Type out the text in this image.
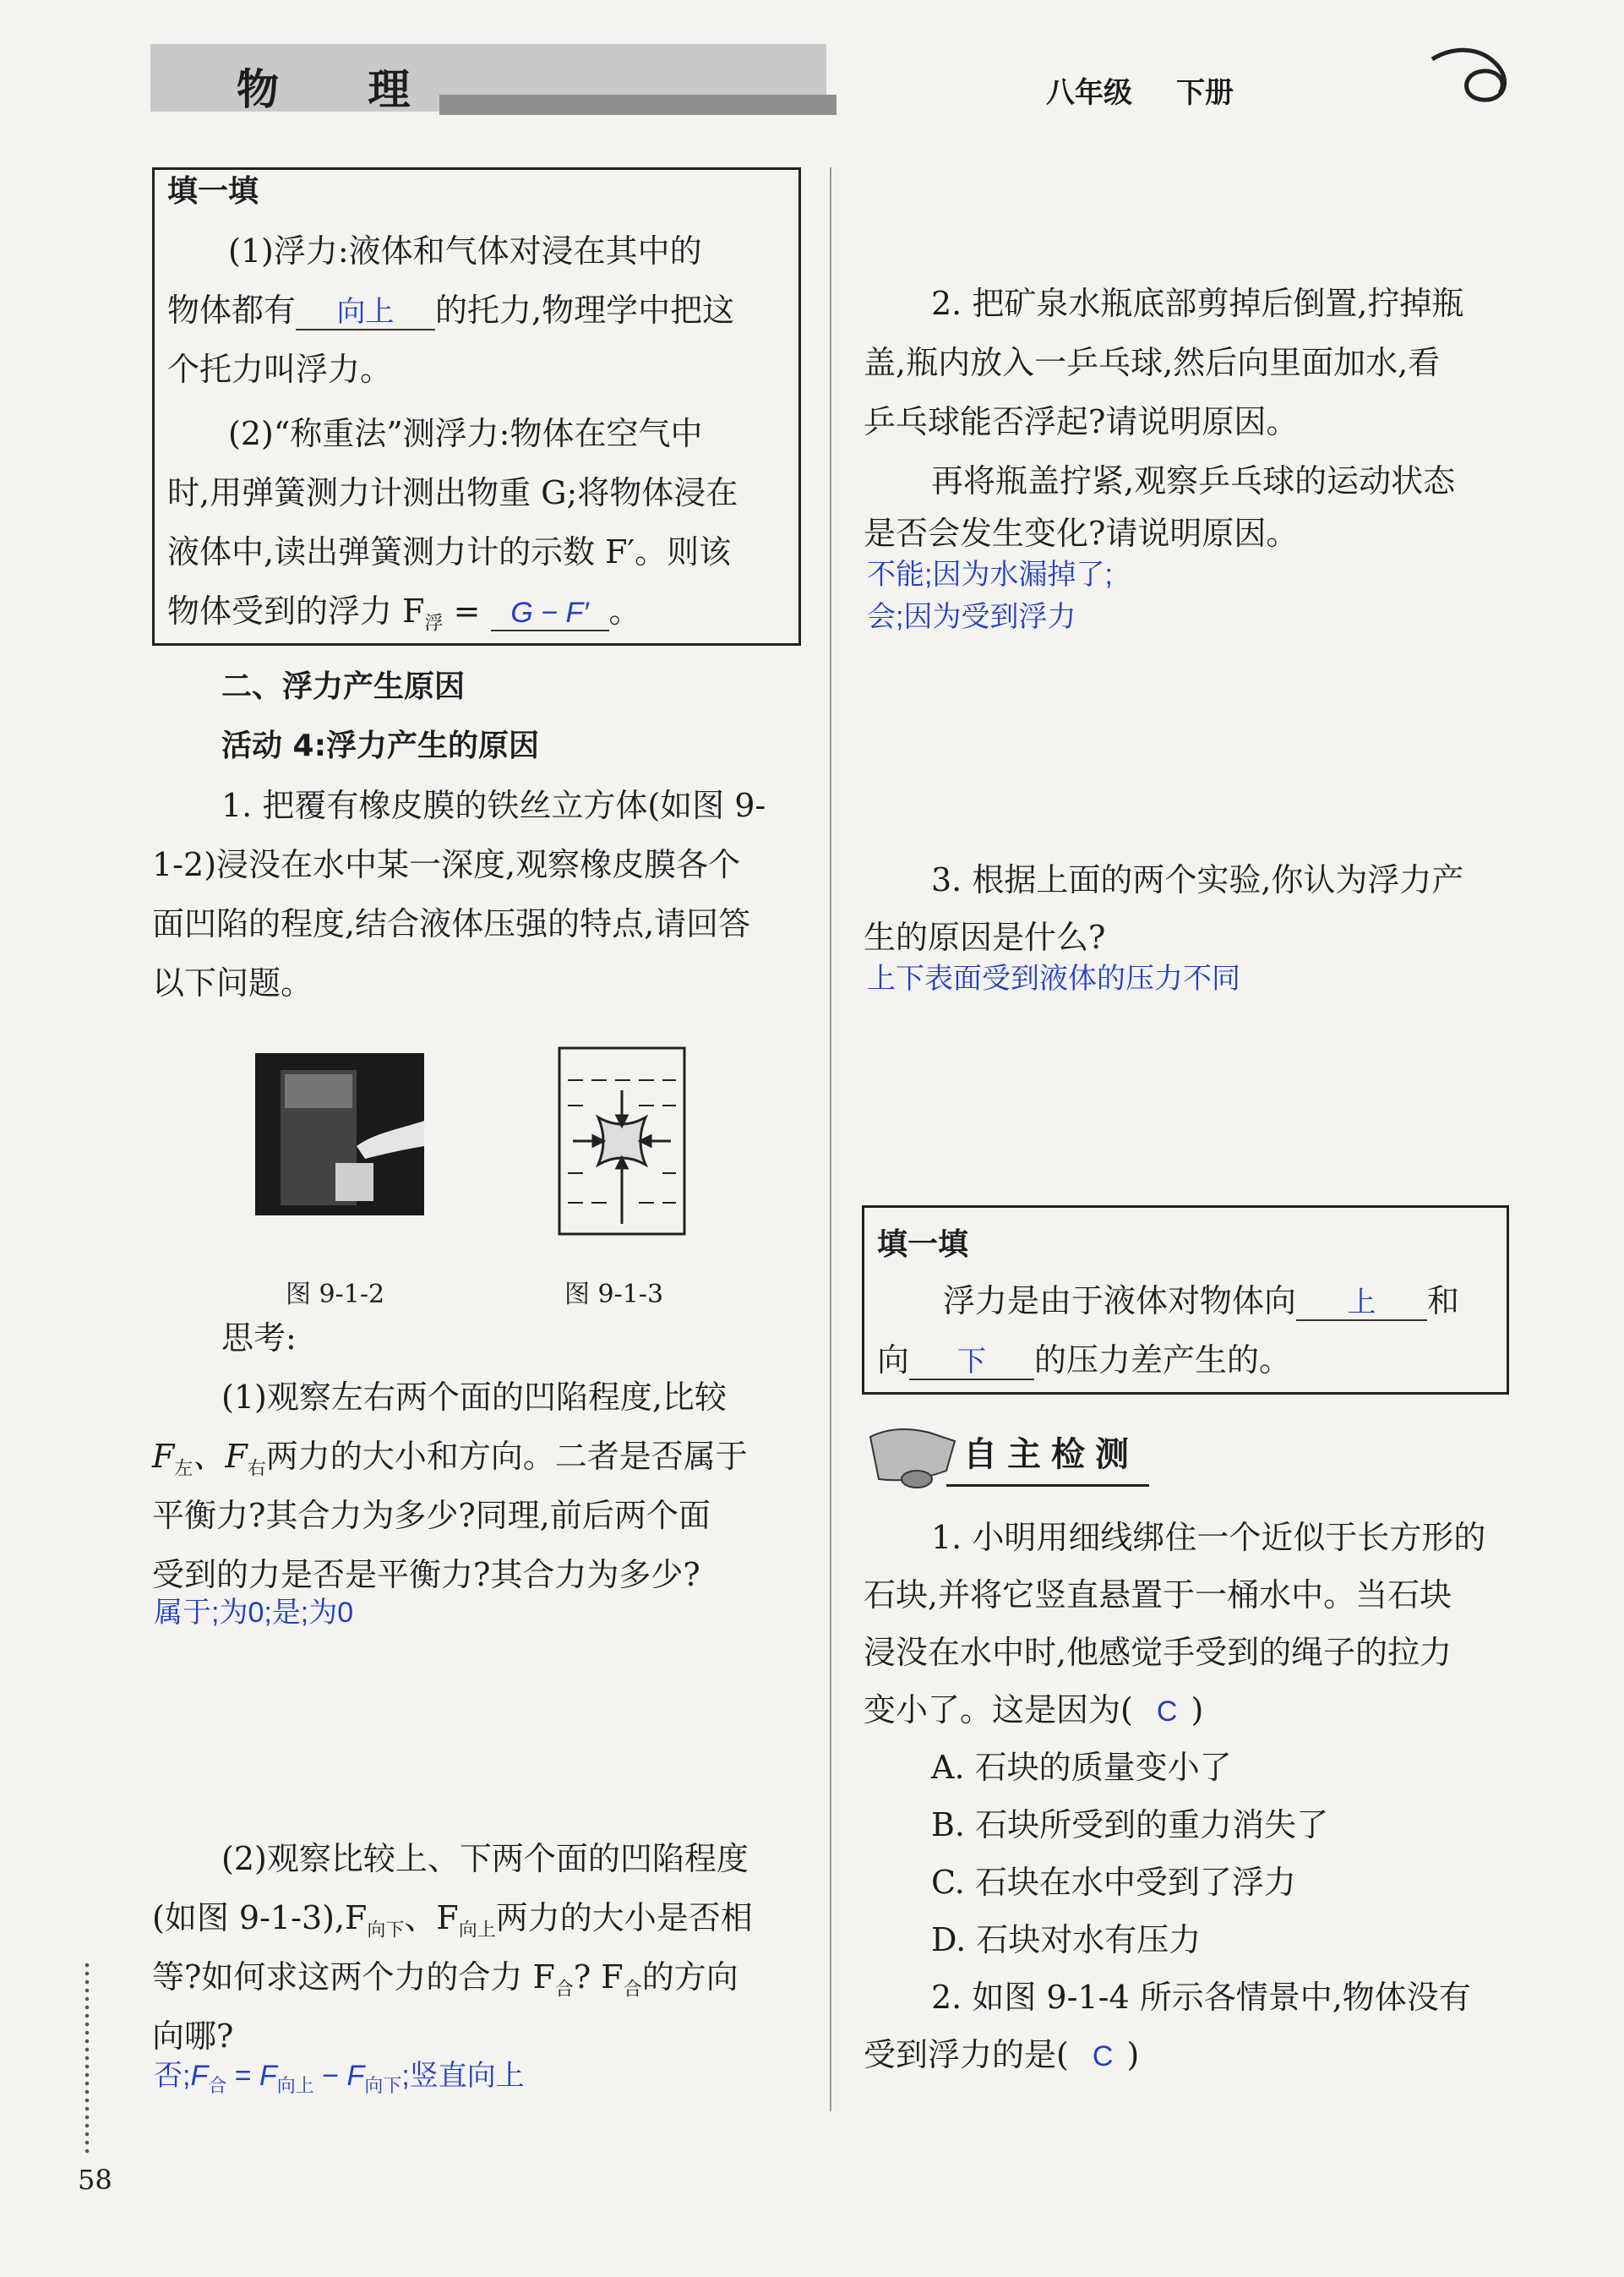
物 理	八年级 下册
填一填
(1)浮力:液体和气体对浸在其中的
物体都有 向上 的托力,物理学中把这
个托力叫浮力。
(2)“称重法”测浮力:物体在空气中
时,用弹簧测力计测出物重 G;将物体浸在
液体中,读出弹簧测力计的示数 F′。则该
物体受到的浮力 $F_浮 = G - F'$ 。
二、浮力产生原因
活动 4:浮力产生的原因
1. 把覆有橡皮膜的铁丝立方体(如图 9-
1-2)浸没在水中某一深度,观察橡皮膜各个
面凹陷的程度,结合液体压强的特点,请回答
以下问题。
图 9-1-2	图 9-1-3
思考:
(1)观察左右两个面的凹陷程度,比较
$F_左$、$F_右$两力的大小和方向。二者是否属于
平衡力?其合力为多少?同理,前后两个面
受到的力是否是平衡力?其合力为多少?
属于;为0;是;为0
(2)观察比较上、下两个面的凹陷程度
(如图 $9-1-3),F_{向下}$、$F_{向上}$两力的大小是否相
等?如何求这两个力的合力 $F_合$? $F_合$的方向
向哪?
否$;F_合 = F_{向上} - F_{向下}$;竖直向上
58
2. 把矿泉水瓶底部剪掉后倒置,拧掉瓶
盖,瓶内放入一乒乓球,然后向里面加水,看
乒乓球能否浮起?请说明原因。
再将瓶盖拧紧,观察乒乓球的运动状态
是否会发生变化?请说明原因。
不能;因为水漏掉了;
会;因为受到浮力
3. 根据上面的两个实验,你认为浮力产
生的原因是什么?
上下表面受到液体的压力不同
填一填
浮力是由于液体对物体向 上 和
向 下 的压力差产生的。
自主检测
1. 小明用细线绑住一个近似于长方形的
石块,并将它竖直悬置于一桶水中。当石块
浸没在水中时,他感觉手受到的绳子的拉力
变小了。这是因为( C )
A. 石块的质量变小了
B. 石块所受到的重力消失了
C. 石块在水中受到了浮力
D. 石块对水有压力
2. 如图 9-1-4 所示各情景中,物体没有
受到浮力的是( C )
